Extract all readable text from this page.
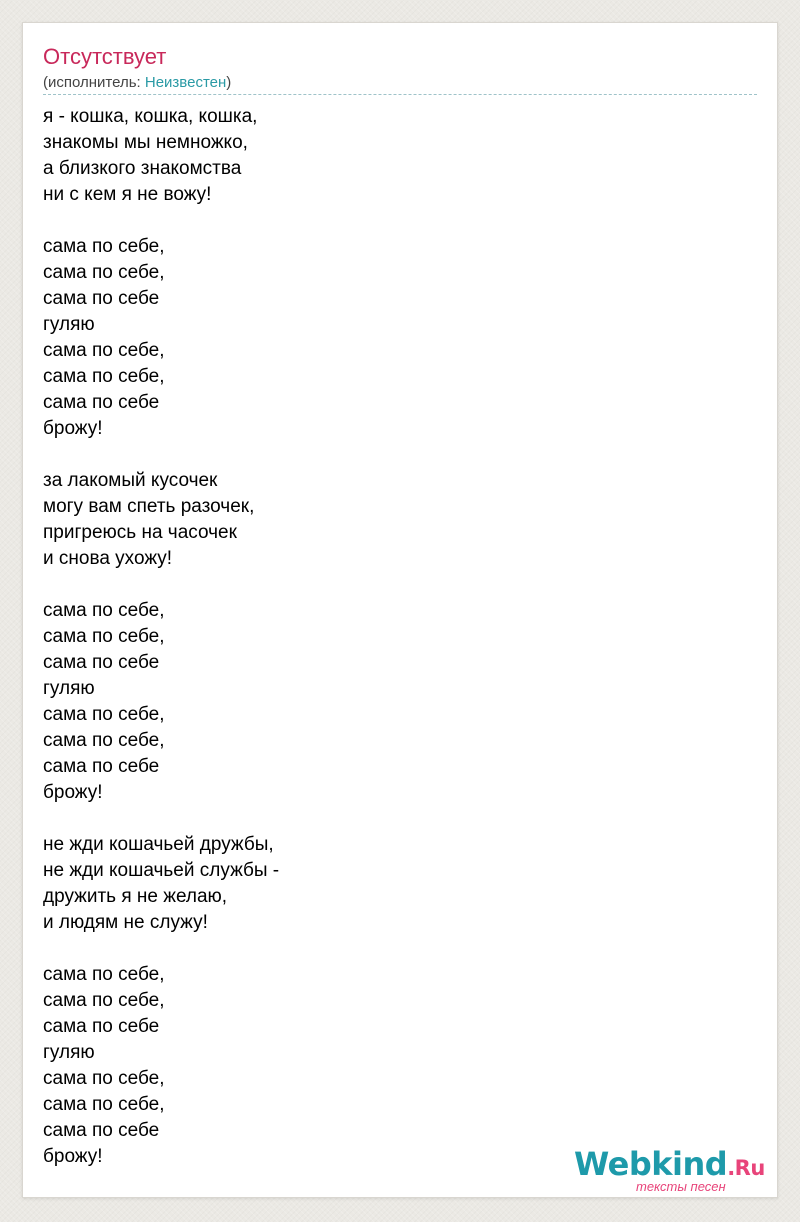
Отсутствует
(исполнитель: Неизвестен)
я - кошка, кошка, кошка,
знакомы мы немножко,
а близкого знакомства
ни с кем я не вожу!
сама по себе,
сама по себе,
сама по себе
гуляю
сама по себе,
сама по себе,
сама по себе
брожу!
за лакомый кусочек
могу вам спеть разочек,
пригреюсь на часочек
и снова ухожу!
сама по себе,
сама по себе,
сама по себе
гуляю
сама по себе,
сама по себе,
сама по себе
брожу!
не жди кошачьей дружбы,
не жди кошачьей службы -
дружить я не желаю,
и людям не служу!
сама по себе,
сама по себе,
сама по себе
гуляю
сама по себе,
сама по себе,
сама по себе
брожу!	Webkind.Ru
тексты песен
